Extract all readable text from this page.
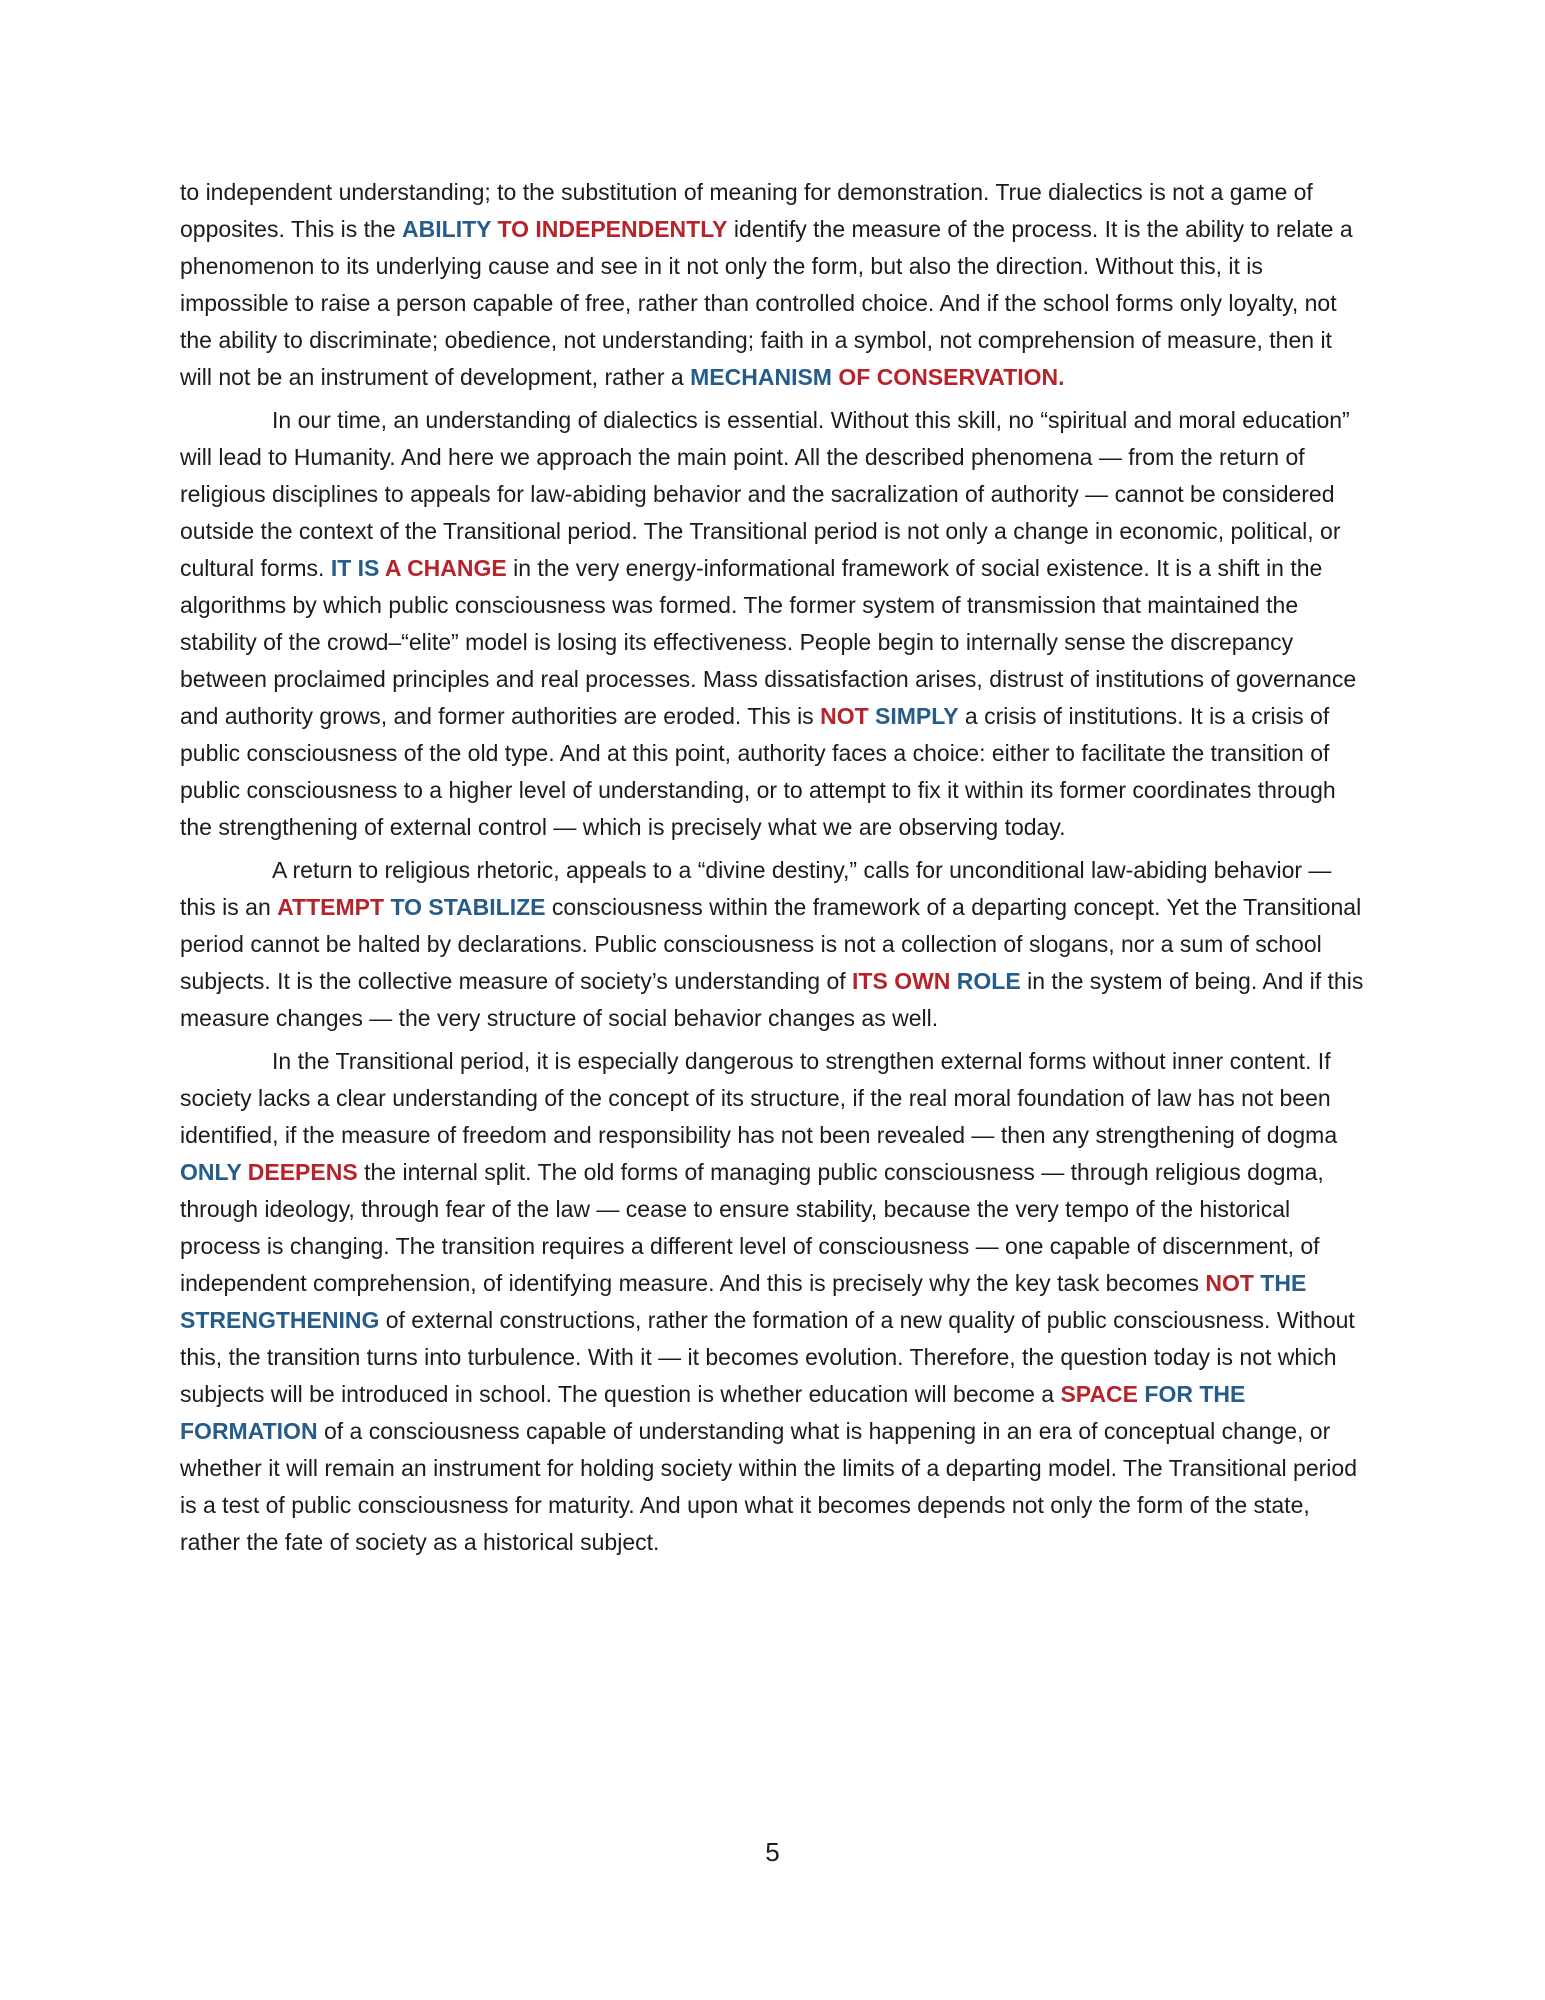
to independent understanding; to the substitution of meaning for demonstration. True dialectics is not a game of opposites. This is the ABILITY TO INDEPENDENTLY identify the measure of the process. It is the ability to relate a phenomenon to its underlying cause and see in it not only the form, but also the direction. Without this, it is impossible to raise a person capable of free, rather than controlled choice. And if the school forms only loyalty, not the ability to discriminate; obedience, not understanding; faith in a symbol, not comprehension of measure, then it will not be an instrument of development, rather a MECHANISM OF CONSERVATION.
In our time, an understanding of dialectics is essential. Without this skill, no “spiritual and moral education” will lead to Humanity. And here we approach the main point. All the described phenomena — from the return of religious disciplines to appeals for law-abiding behavior and the sacralization of authority — cannot be considered outside the context of the Transitional period. The Transitional period is not only a change in economic, political, or cultural forms. IT IS A CHANGE in the very energy-informational framework of social existence. It is a shift in the algorithms by which public consciousness was formed. The former system of transmission that maintained the stability of the crowd–“elite” model is losing its effectiveness. People begin to internally sense the discrepancy between proclaimed principles and real processes. Mass dissatisfaction arises, distrust of institutions of governance and authority grows, and former authorities are eroded. This is NOT SIMPLY a crisis of institutions. It is a crisis of public consciousness of the old type. And at this point, authority faces a choice: either to facilitate the transition of public consciousness to a higher level of understanding, or to attempt to fix it within its former coordinates through the strengthening of external control — which is precisely what we are observing today.
A return to religious rhetoric, appeals to a “divine destiny,” calls for unconditional law-abiding behavior — this is an ATTEMPT TO STABILIZE consciousness within the framework of a departing concept. Yet the Transitional period cannot be halted by declarations. Public consciousness is not a collection of slogans, nor a sum of school subjects. It is the collective measure of society’s understanding of ITS OWN ROLE in the system of being. And if this measure changes — the very structure of social behavior changes as well.
In the Transitional period, it is especially dangerous to strengthen external forms without inner content. If society lacks a clear understanding of the concept of its structure, if the real moral foundation of law has not been identified, if the measure of freedom and responsibility has not been revealed — then any strengthening of dogma ONLY DEEPENS the internal split. The old forms of managing public consciousness — through religious dogma, through ideology, through fear of the law — cease to ensure stability, because the very tempo of the historical process is changing. The transition requires a different level of consciousness — one capable of discernment, of independent comprehension, of identifying measure. And this is precisely why the key task becomes NOT THE STRENGTHENING of external constructions, rather the formation of a new quality of public consciousness. Without this, the transition turns into turbulence. With it — it becomes evolution. Therefore, the question today is not which subjects will be introduced in school. The question is whether education will become a SPACE FOR THE FORMATION of a consciousness capable of understanding what is happening in an era of conceptual change, or whether it will remain an instrument for holding society within the limits of a departing model. The Transitional period is a test of public consciousness for maturity. And upon what it becomes depends not only the form of the state, rather the fate of society as a historical subject.
5
